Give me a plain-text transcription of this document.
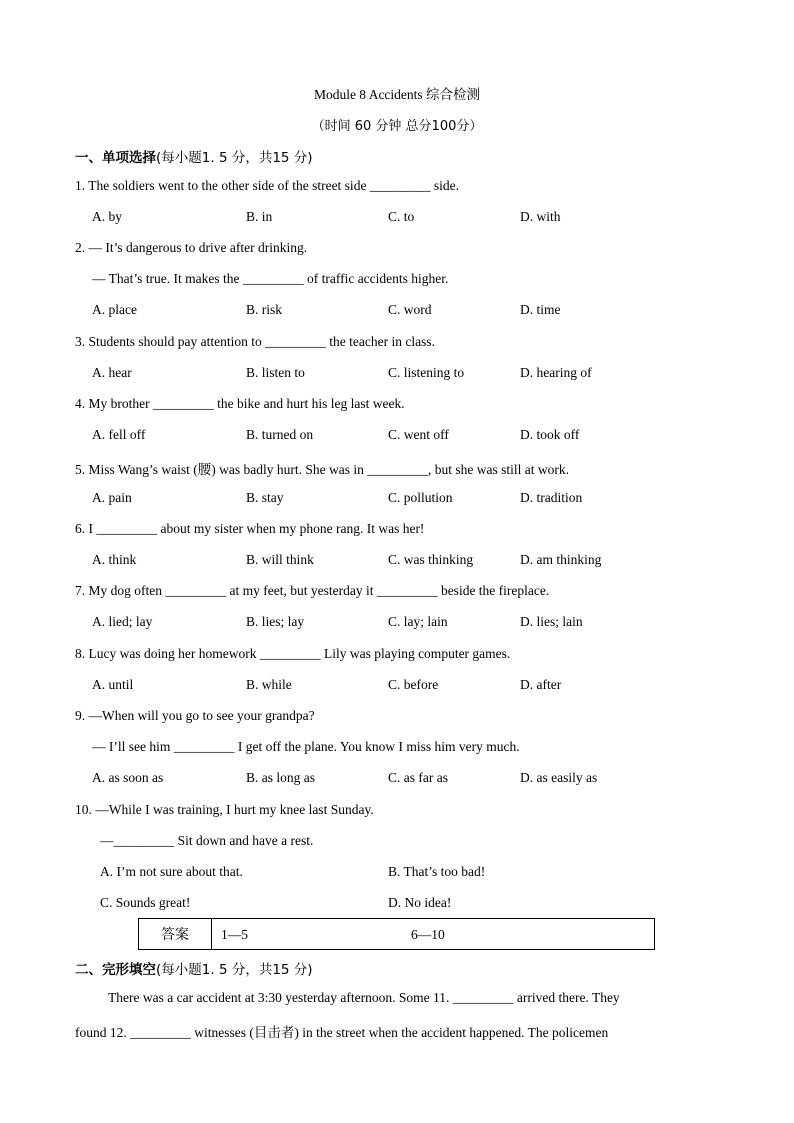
Module 8 Accidents 综合检测
（时间 60 分钟 总分100分）
一、单项选择(每小题1. 5 分，共15 分)
1. The soldiers went to the other side of the street side _________ side.
A. by	B. in	C. to	D. with
2. — It’s dangerous to drive after drinking.
— That’s true. It makes the _________ of traffic accidents higher.
A. place	B. risk	C. word	D. time
3. Students should pay attention to _________ the teacher in class.
A. hear	B. listen to	C. listening to	D. hearing of
4. My brother _________ the bike and hurt his leg last week.
A. fell off	B. turned on	C. went off	D. took off
5. Miss Wang’s waist (腰) was badly hurt. She was in _________, but she was still at work.
A. pain	B. stay	C. pollution	D. tradition
6. I _________ about my sister when my phone rang. It was her!
A. think	B. will think	C. was thinking	D. am thinking
7. My dog often _________ at my feet, but yesterday it _________ beside the fireplace.
A. lied; lay	B. lies; lay	C. lay; lain	D. lies; lain
8. Lucy was doing her homework _________ Lily was playing computer games.
A. until	B. while	C. before	D. after
9. —When will you go to see your grandpa?
— I’ll see him _________ I get off the plane. You know I miss him very much.
A. as soon as	B. as long as	C. as far as	D. as easily as
10. —While I was training, I hurt my knee last Sunday.
—_________ Sit down and have a rest.
A. I’m not sure about that.	B. That’s too bad!
C. Sounds great!	D. No idea!
答案	1—5	6—10
二、完形填空(每小题1. 5 分，共15 分)
There was a car accident at 3:30 yesterday afternoon. Some 11. _________ arrived there. They
found 12. _________ witnesses (目击者) in the street when the accident happened. The policemen
